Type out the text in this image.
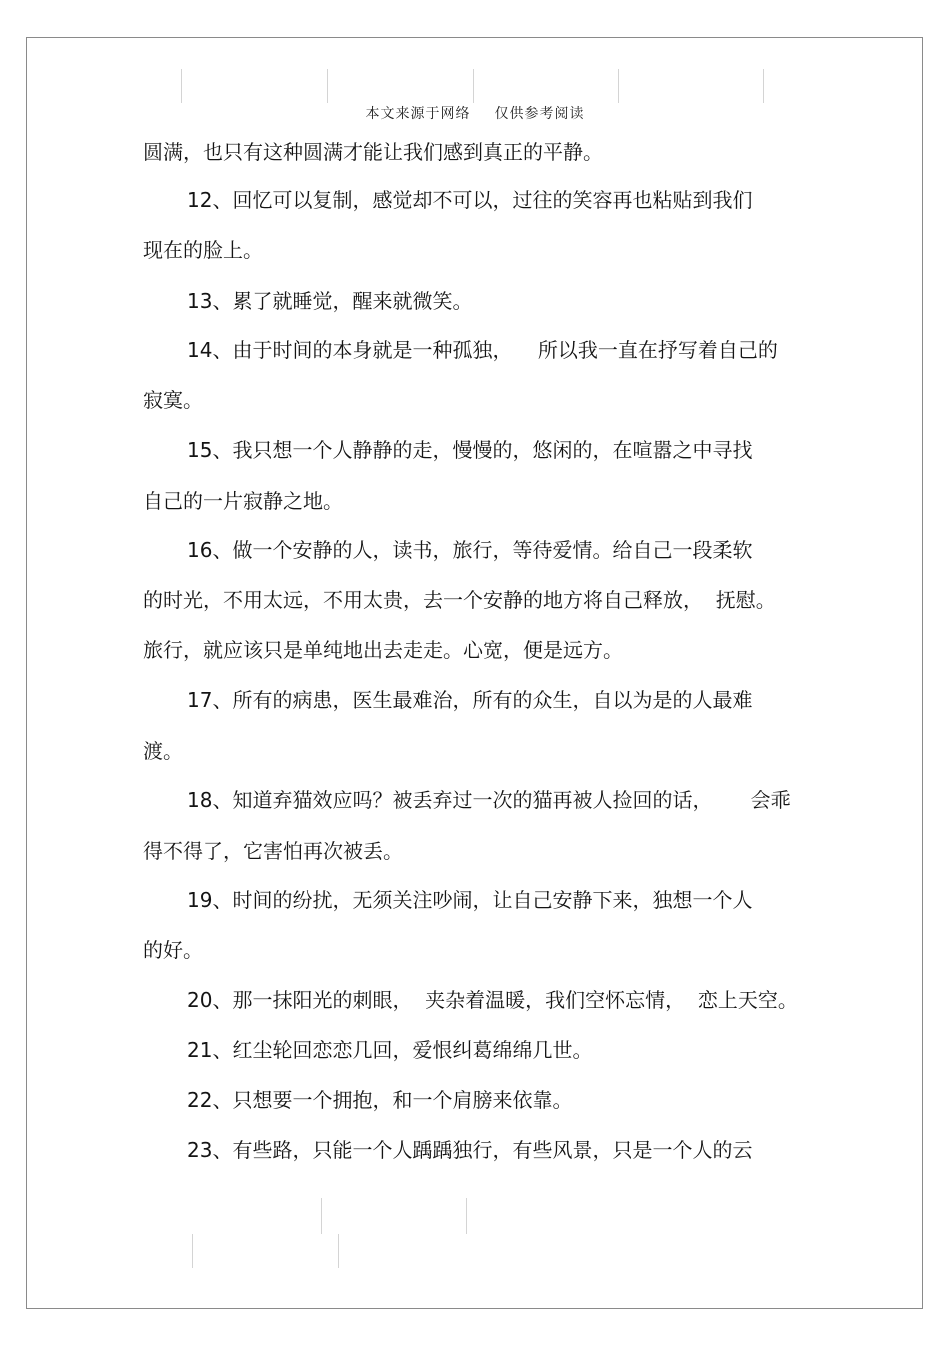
本文来源于网络 仅供参考阅读
圆满，也只有这种圆满才能让我们感到真正的平静。
12、回忆可以复制，感觉却不可以，过往的笑容再也粘贴到我们
现在的脸上。
13、累了就睡觉，醒来就微笑。
14、由于时间的本身就是一种孤独，    所以我一直在抒写着自己的
寂寞。
15、我只想一个人静静的走，慢慢的，悠闲的，在喧嚣之中寻找
自己的一片寂静之地。
16、做一个安静的人，读书，旅行，等待爱情。给自己一段柔软
的时光，不用太远，不用太贵，去一个安静的地方将自己释放，  抚慰。
旅行，就应该只是单纯地出去走走。心宽，便是远方。
17、所有的病患，医生最难治，所有的众生，自以为是的人最难
渡。
18、知道弃猫效应吗？被丢弃过一次的猫再被人捡回的话，      会乖
得不得了，它害怕再次被丢。
19、时间的纷扰，无须关注吵闹，让自己安静下来，独想一个人
的好。
20、那一抹阳光的刺眼，  夹杂着温暖，我们空怀忘情，  恋上天空。
21、红尘轮回恋恋几回，爱恨纠葛绵绵几世。
22、只想要一个拥抱，和一个肩膀来依靠。
23、有些路，只能一个人踽踽独行，有些风景，只是一个人的云
